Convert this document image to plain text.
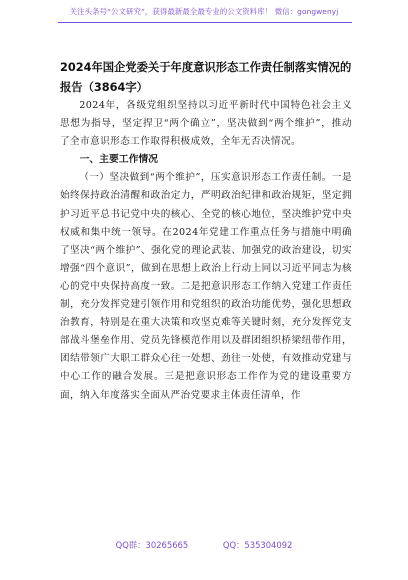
关注头条号“公文研究”，获得最新最全最专业的公文资料库！ 微信：gongwenyj
2024年国企党委关于年度意识形态工作责任制落实情况的报告（3864字）

2024年，各级党组织坚持以习近平新时代中国特色社会主义思想为指导，坚定捍卫“两个确立”，坚决做到“两个维护”，推动了全市意识形态工作取得积极成效，全年无否决情况。

一、主要工作情况

（一）坚决做到“两个维护”，压实意识形态工作责任制。一是始终保持政治清醒和政治定力，严明政治纪律和政治规矩，坚定拥护习近平总书记党中央的核心、全党的核心地位，坚决维护党中央权威和集中统一领导。在2024年党建工作重点任务与措施中明确了坚决“两个维护”、强化党的理论武装、加强党的政治建设，切实增强“四个意识”，做到在思想上政治上行动上同以习近平同志为核心的党中央保持高度一致。二是把意识形态工作纳入党建工作责任制，充分发挥党建引领作用和党组织的政治功能优势，强化思想政治教育，特别是在重大决策和攻坚克难等关键时刻，充分发挥党支部战斗堡垒作用、党员先锋模范作用以及群团组织桥梁纽带作用，团结带领广大职工群众心往一处想、劲往一处使，有效推动党建与中心工作的融合发展。三是把意识形态工作作为党的建设重要方面，纳入年度落实全面从严治党要求主体责任清单，作

QQ群：30265665	QQ：535304092
